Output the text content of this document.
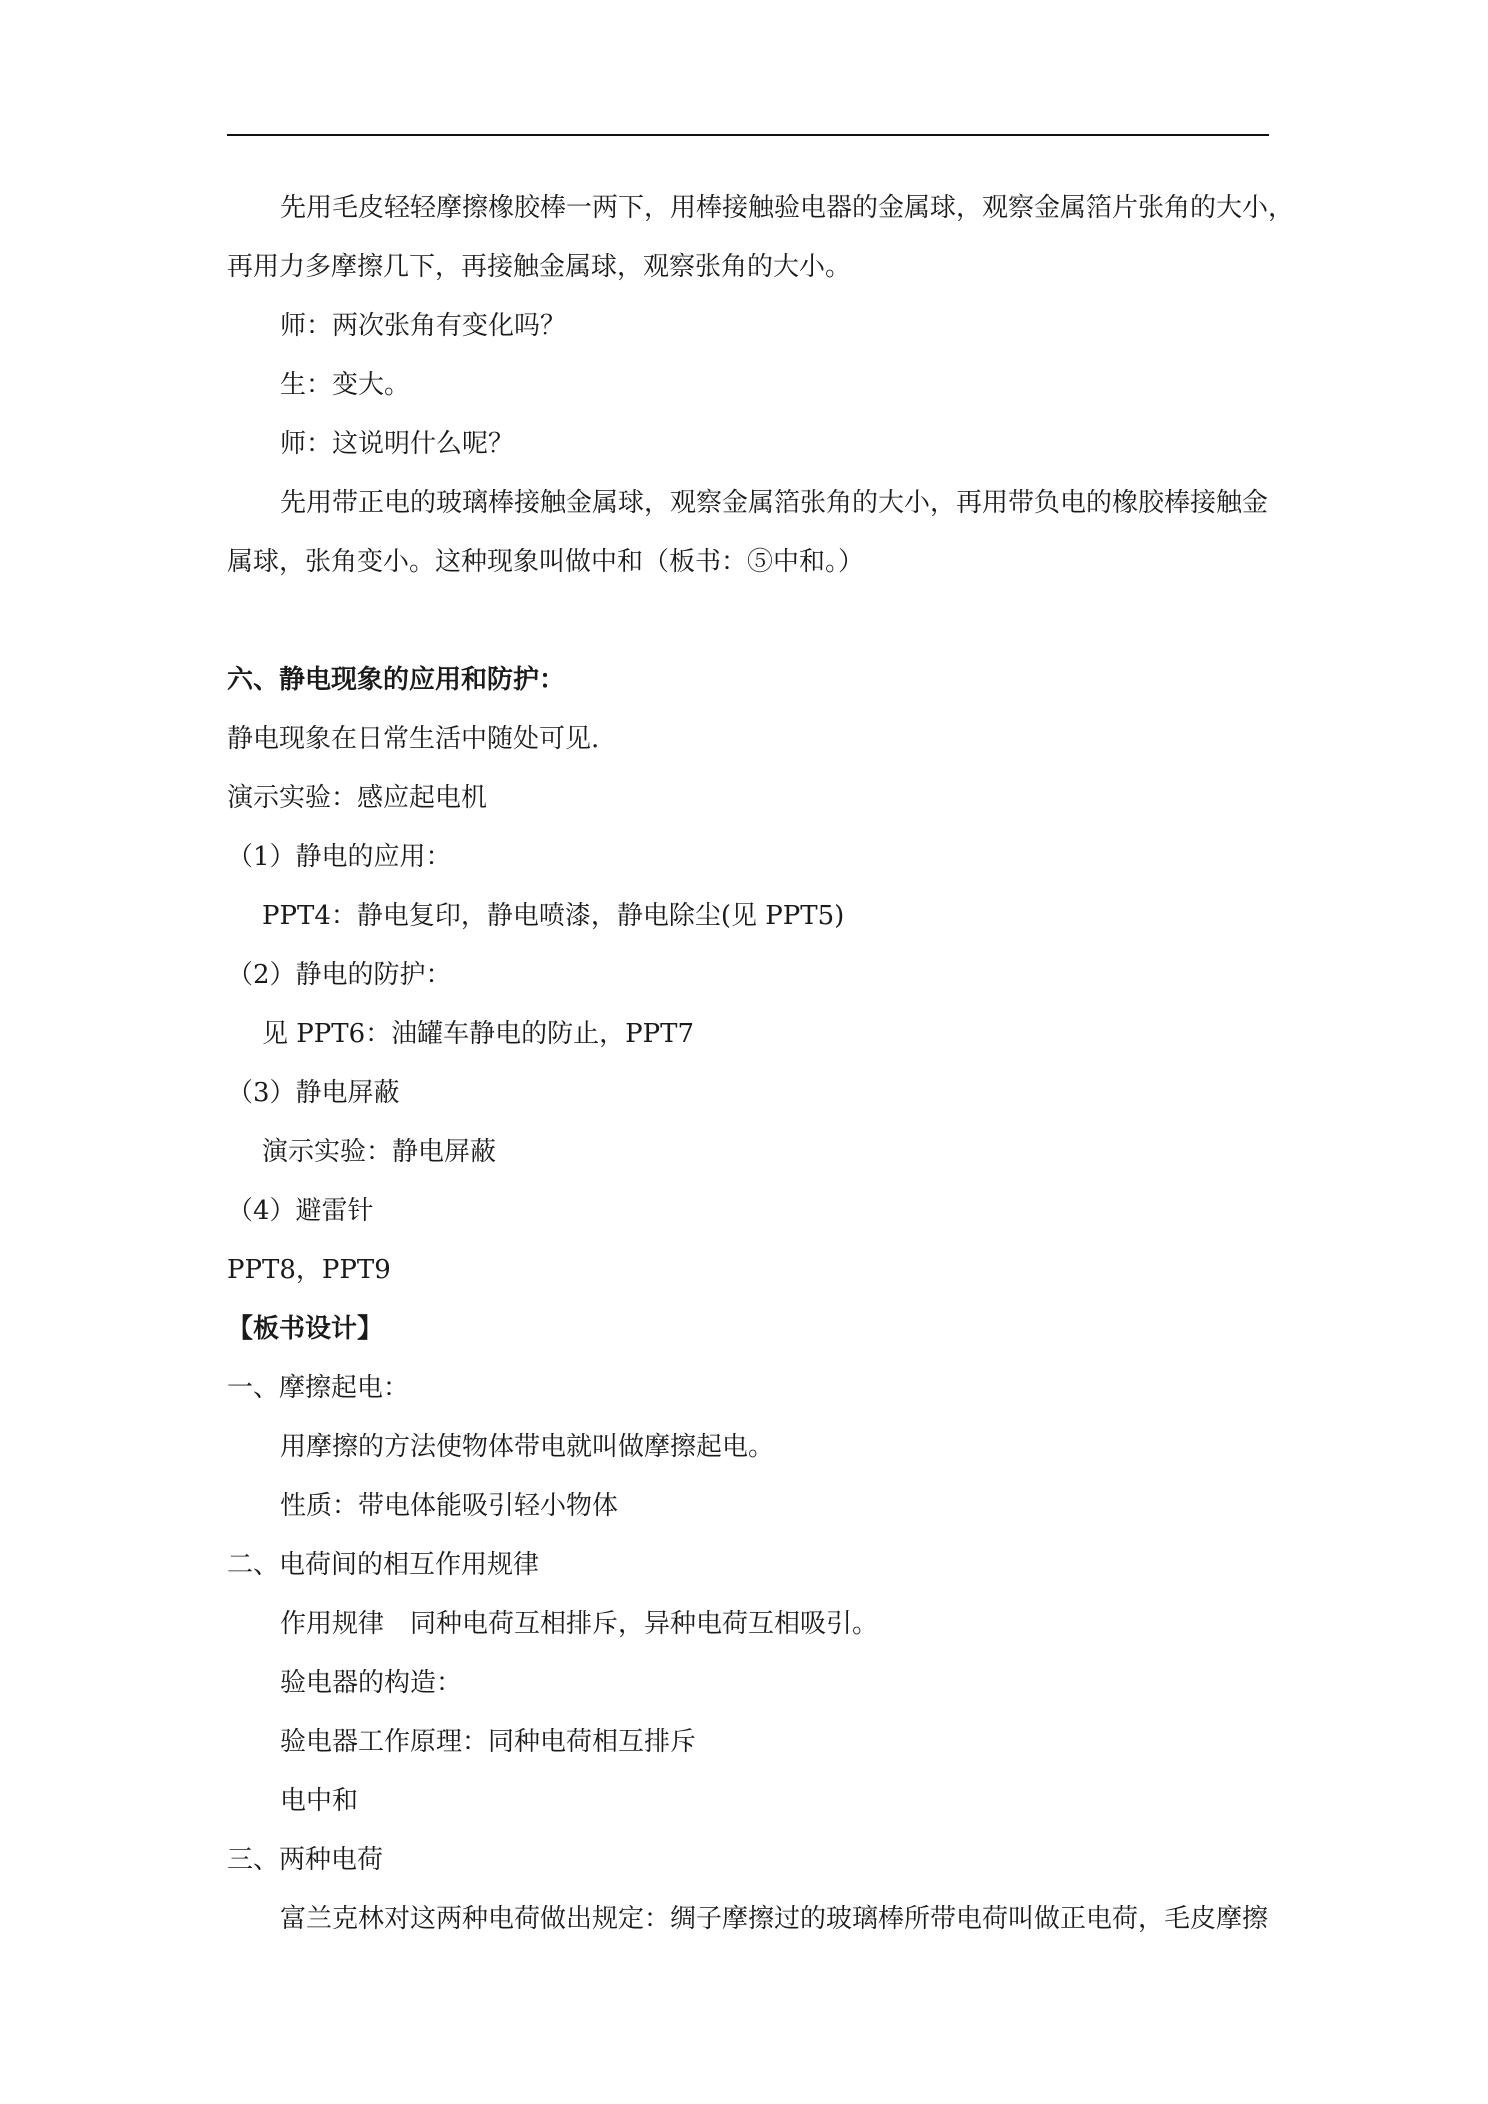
先用毛皮轻轻摩擦橡胶棒一两下，用棒接触验电器的金属球，观察金属箔片张角的大小，
再用力多摩擦几下，再接触金属球，观察张角的大小。
师：两次张角有变化吗？
生：变大。
师：这说明什么呢？
先用带正电的玻璃棒接触金属球，观察金属箔张角的大小，再用带负电的橡胶棒接触金
属球，张角变小。这种现象叫做中和（板书：⑤中和。）
六、静电现象的应用和防护：
静电现象在日常生活中随处可见.
演示实验：感应起电机
（1）静电的应用：
PPT4：静电复印，静电喷漆，静电除尘(见 PPT5)
（2）静电的防护：
见 PPT6：油罐车静电的防止，PPT7
（3）静电屏蔽
演示实验：静电屏蔽
（4）避雷针
PPT8，PPT9
【板书设计】
一、摩擦起电：
用摩擦的方法使物体带电就叫做摩擦起电。
性质：带电体能吸引轻小物体
二、电荷间的相互作用规律
作用规律　同种电荷互相排斥，异种电荷互相吸引。
验电器的构造：
验电器工作原理：同种电荷相互排斥
电中和
三、两种电荷
富兰克林对这两种电荷做出规定：绸子摩擦过的玻璃棒所带电荷叫做正电荷，毛皮摩擦
